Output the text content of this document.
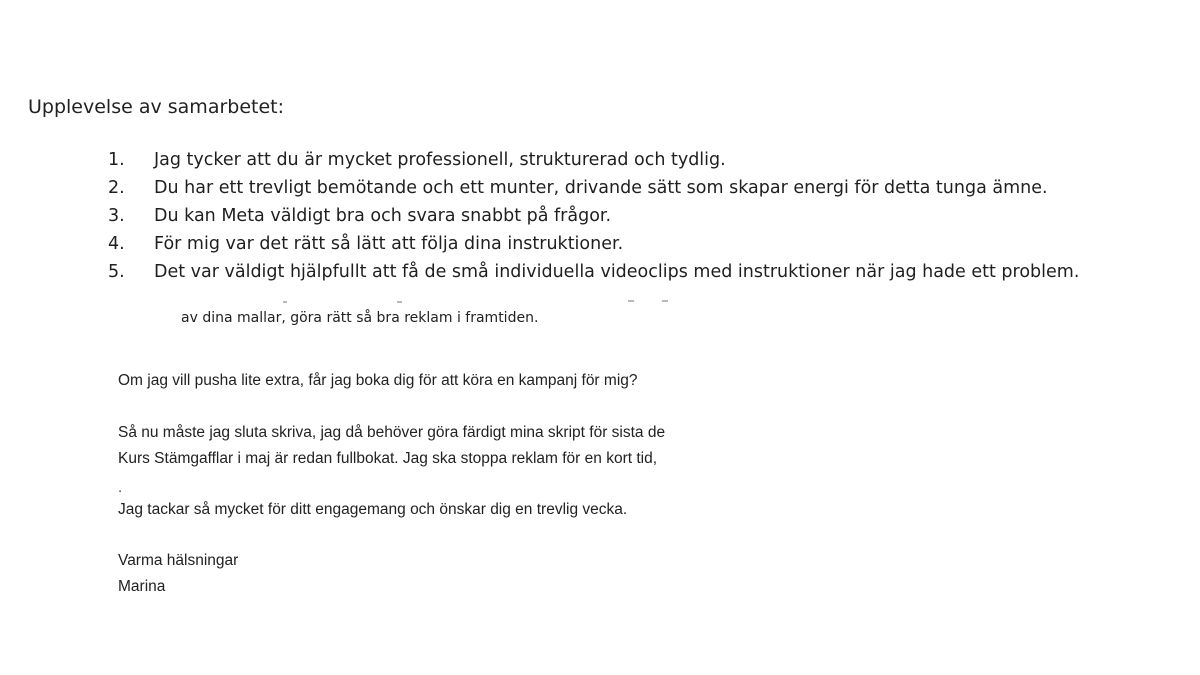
Upplevelse av samarbetet:
1.	Jag tycker att du är mycket professionell, strukturerad och tydlig.
2.	Du har ett trevligt bemötande och ett munter, drivande sätt som skapar energi för detta tunga ämne.
3.	Du kan Meta väldigt bra och svara snabbt på frågor.
4.	För mig var det rätt så lätt att följa dina instruktioner.
5.	Det var väldigt hjälpfullt att få de små individuella videoclips med instruktioner när jag hade ett problem.
av dina mallar, göra rätt så bra reklam i framtiden.
Om jag vill pusha lite extra, får jag boka dig för att köra en kampanj för mig?
Så nu måste jag sluta skriva, jag då behöver göra färdigt mina skript för sista de
Kurs Stämgafflar i maj är redan fullbokat. Jag ska stoppa reklam för en kort tid,
.
Jag tackar så mycket för ditt engagemang och önskar dig en trevlig vecka.
Varma hälsningar
Marina
